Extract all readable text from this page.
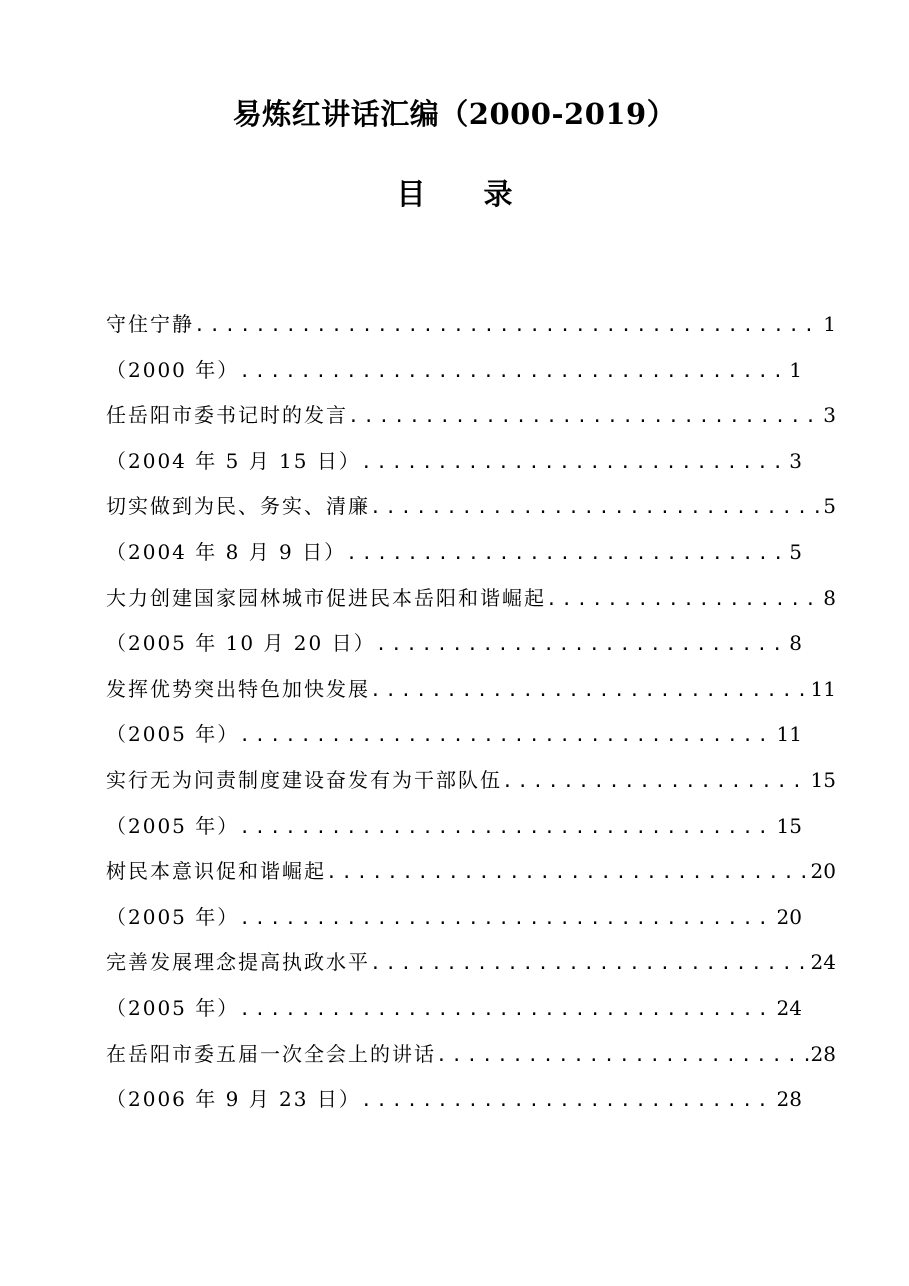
易炼红讲话汇编（2000-2019）
目 录
守住宁静 .....	1
（2000 年） .....	1
任岳阳市委书记时的发言 .....	3
（2004 年 5 月 15 日） .....	3
切实做到为民、务实、清廉 .....	5
（2004 年 8 月 9 日） .....	5
大力创建国家园林城市促进民本岳阳和谐崛起 .....	8
（2005 年 10 月 20 日） .....	8
发挥优势突出特色加快发展 .....	11
（2005 年） .....	11
实行无为问责制度建设奋发有为干部队伍 .....	15
（2005 年） .....	15
树民本意识促和谐崛起 .....	20
（2005 年） .....	20
完善发展理念提高执政水平 .....	24
（2005 年） .....	24
在岳阳市委五届一次全会上的讲话 .....	28
（2006 年 9 月 23 日） .....	28
